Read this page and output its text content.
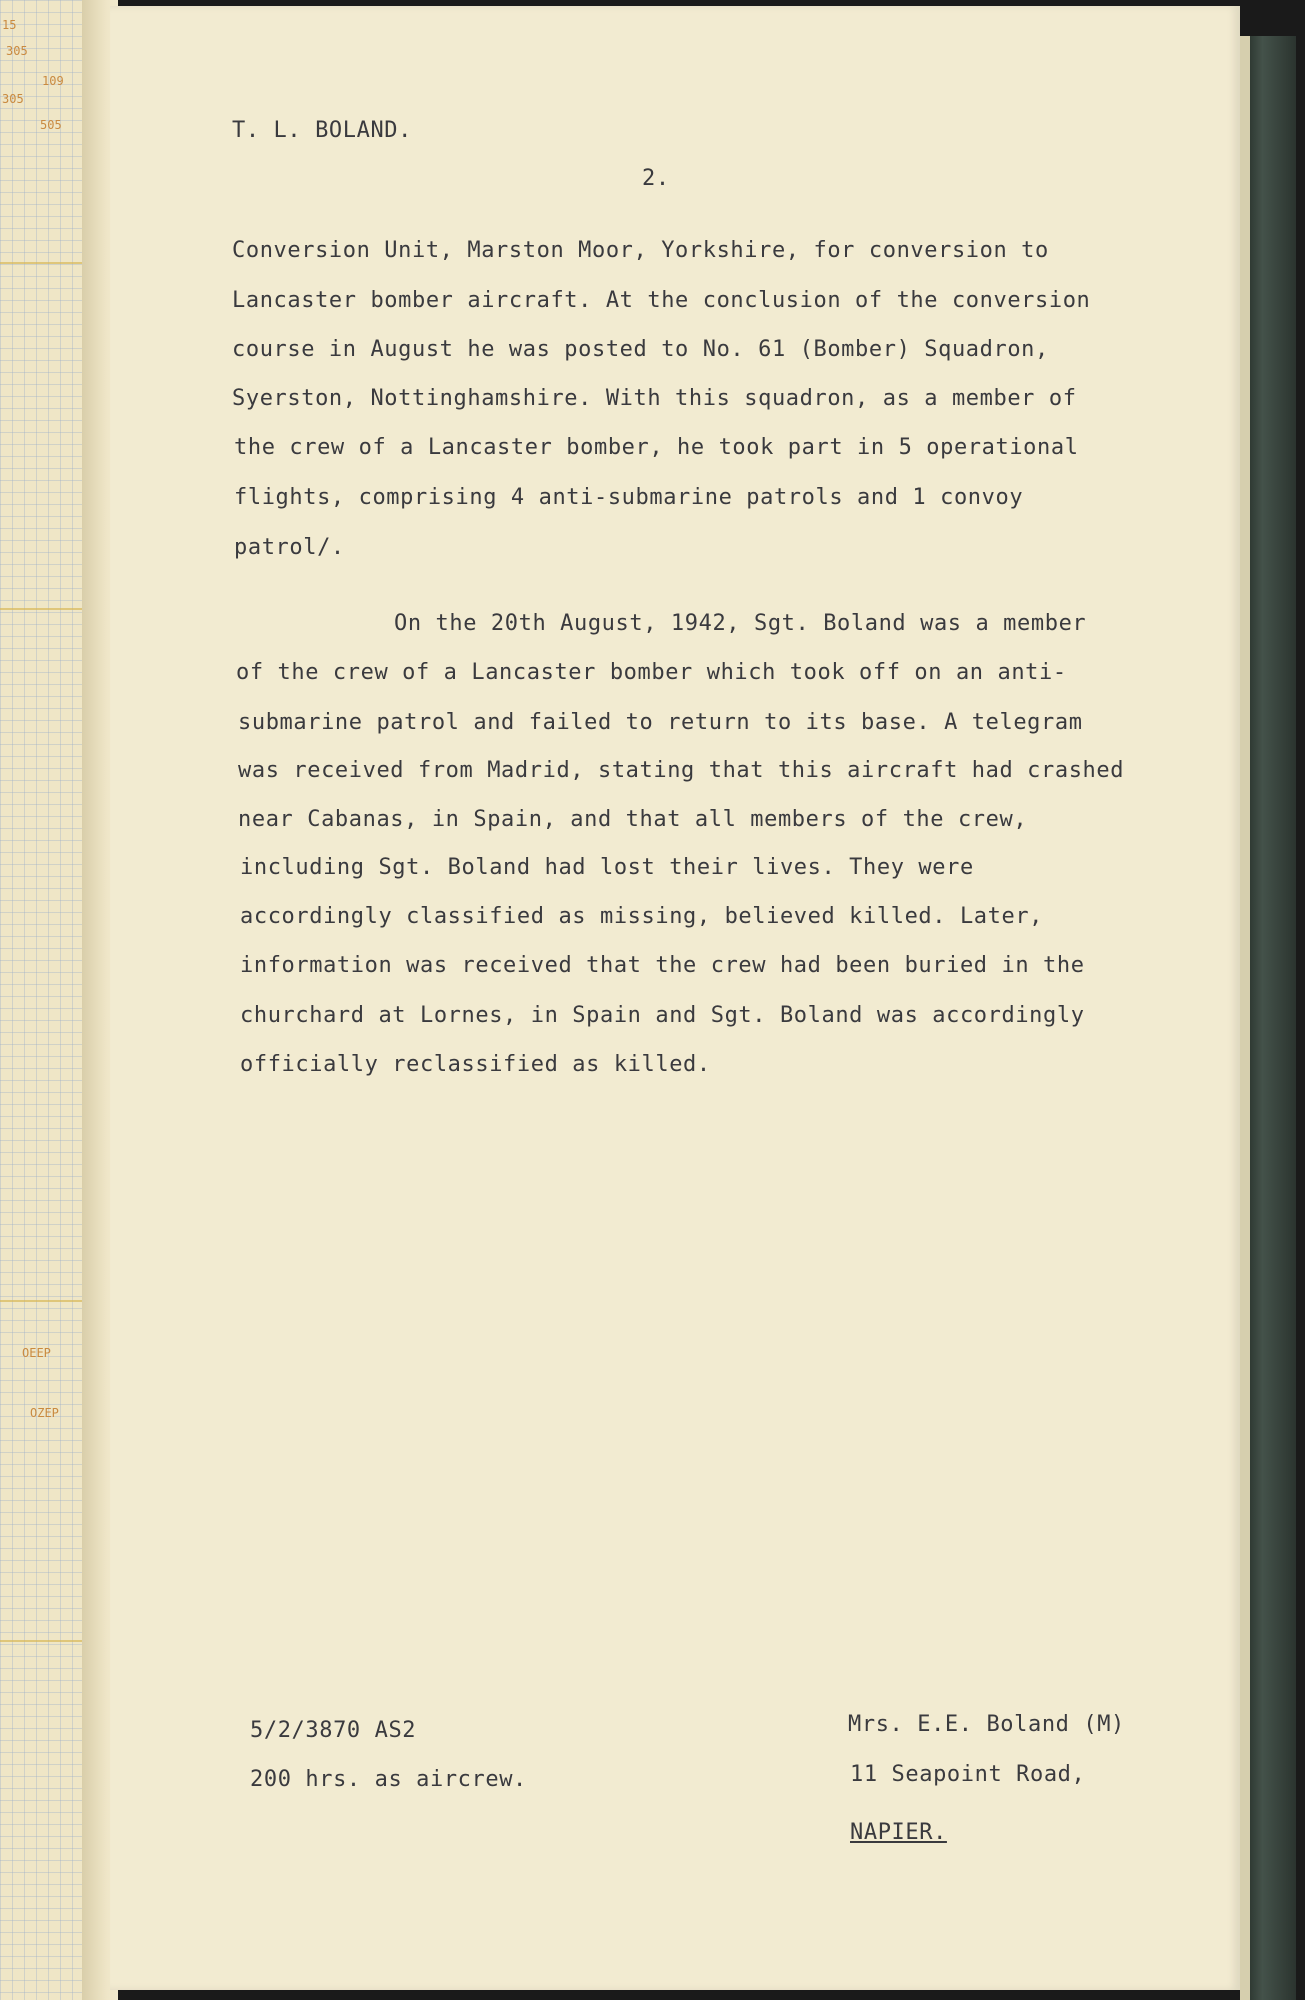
15
305
109
305
505
OEEP
OZEP
T. L. BOLAND.
2.
Conversion Unit, Marston Moor, Yorkshire, for conversion to
Lancaster bomber aircraft. At the conclusion of the conversion
course in August he was posted to No. 61 (Bomber) Squadron,
Syerston, Nottinghamshire. With this squadron, as a member of
the crew of a Lancaster bomber, he took part in 5 operational
flights, comprising 4 anti-submarine patrols and 1 convoy
patrol/.
On the 20th August, 1942, Sgt. Boland was a member
of the crew of a Lancaster bomber which took off on an anti-
submarine patrol and failed to return to its base. A telegram
was received from Madrid, stating that this aircraft had crashed
near Cabanas, in Spain, and that all members of the crew,
including Sgt. Boland had lost their lives. They were
accordingly classified as missing, believed killed. Later,
information was received that the crew had been buried in the
churchard at Lornes, in Spain and Sgt. Boland was accordingly
officially reclassified as killed.
5/2/3870 AS2
200 hrs. as aircrew.
Mrs. E.E. Boland (M)
11 Seapoint Road,
NAPIER.
